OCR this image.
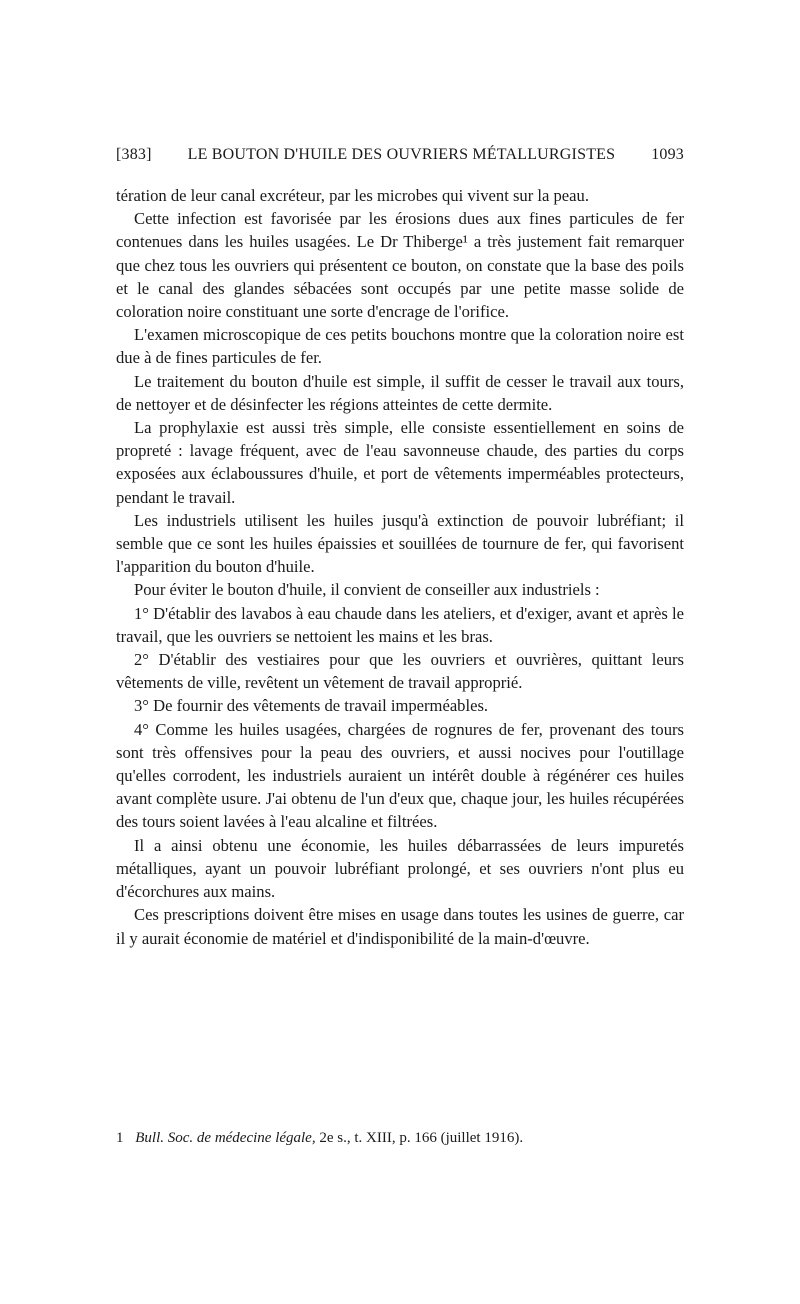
[383]	LE BOUTON D'HUILE DES OUVRIERS MÉTALLURGISTES	1093

tération de leur canal excréteur, par les microbes qui vivent sur la peau.

Cette infection est favorisée par les érosions dues aux fines particules de fer contenues dans les huiles usagées. Le Dr Thiberge¹ a très justement fait remarquer que chez tous les ouvriers qui présentent ce bouton, on constate que la base des poils et le canal des glandes sébacées sont occupés par une petite masse solide de coloration noire constituant une sorte d'encrage de l'orifice.

L'examen microscopique de ces petits bouchons montre que la coloration noire est due à de fines particules de fer.

Le traitement du bouton d'huile est simple, il suffit de cesser le travail aux tours, de nettoyer et de désinfecter les régions atteintes de cette dermite.

La prophylaxie est aussi très simple, elle consiste essentiellement en soins de propreté : lavage fréquent, avec de l'eau savonneuse chaude, des parties du corps exposées aux éclaboussures d'huile, et port de vêtements imperméables protecteurs, pendant le travail.

Les industriels utilisent les huiles jusqu'à extinction de pouvoir lubréfiant; il semble que ce sont les huiles épaissies et souillées de tournure de fer, qui favorisent l'apparition du bouton d'huile.

Pour éviter le bouton d'huile, il convient de conseiller aux industriels :

1° D'établir des lavabos à eau chaude dans les ateliers, et d'exiger, avant et après le travail, que les ouvriers se nettoient les mains et les bras.

2° D'établir des vestiaires pour que les ouvriers et ouvrières, quittant leurs vêtements de ville, revêtent un vêtement de travail approprié.

3° De fournir des vêtements de travail imperméables.

4° Comme les huiles usagées, chargées de rognures de fer, provenant des tours sont très offensives pour la peau des ouvriers, et aussi nocives pour l'outillage qu'elles corrodent, les industriels auraient un intérêt double à régénérer ces huiles avant complète usure. J'ai obtenu de l'un d'eux que, chaque jour, les huiles récupérées des tours soient lavées à l'eau alcaline et filtrées.

Il a ainsi obtenu une économie, les huiles débarrassées de leurs impuretés métalliques, ayant un pouvoir lubréfiant prolongé, et ses ouvriers n'ont plus eu d'écorchures aux mains.

Ces prescriptions doivent être mises en usage dans toutes les usines de guerre, car il y aurait économie de matériel et d'indisponibilité de la main-d'œuvre.

1 Bull. Soc. de médecine légale, 2e s., t. XIII, p. 166 (juillet 1916).
